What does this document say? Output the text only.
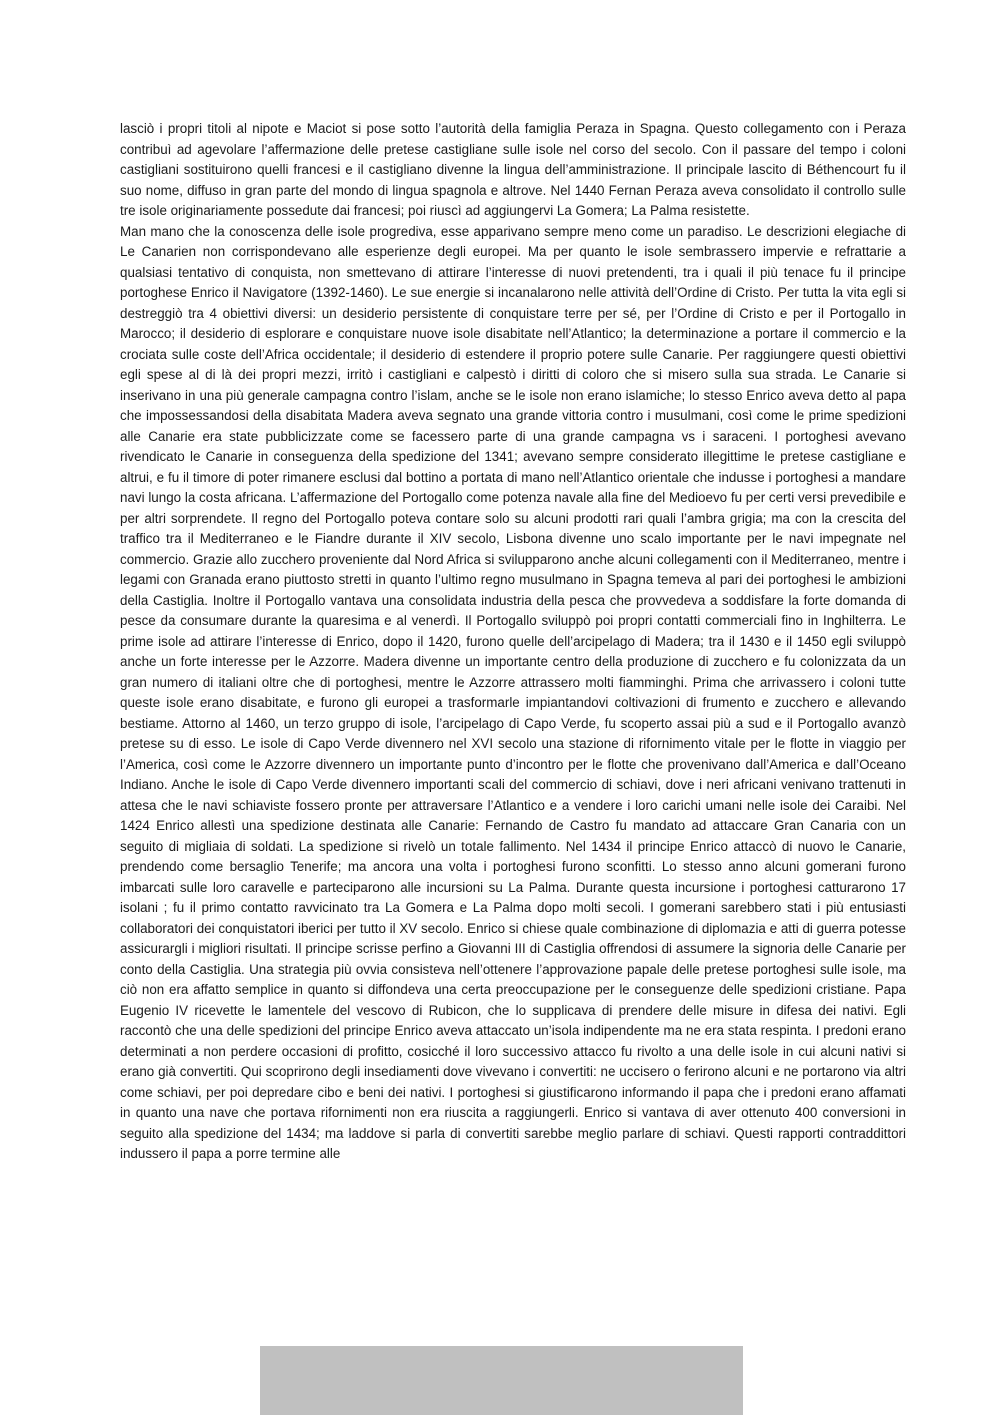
lasciò i propri titoli al nipote e Maciot si pose sotto l’autorità della famiglia Peraza in Spagna. Questo collegamento con i Peraza contribuì ad agevolare l’affermazione delle pretese castigliane sulle isole nel corso del secolo. Con il passare del tempo i coloni castigliani sostituirono quelli francesi e il castigliano divenne la lingua dell’amministrazione. Il principale lascito di Béthencourt fu il suo nome, diffuso in gran parte del mondo di lingua spagnola e altrove. Nel 1440 Fernan Peraza aveva consolidato il controllo sulle tre isole originariamente possedute dai francesi; poi riuscì ad aggiungervi La Gomera; La Palma resistette.

Man mano che la conoscenza delle isole progrediva, esse apparivano sempre meno come un paradiso. Le descrizioni elegiache di Le Canarien non corrispondevano alle esperienze degli europei. Ma per quanto le isole sembrassero impervie e refrattarie a qualsiasi tentativo di conquista, non smettevano di attirare l’interesse di nuovi pretendenti, tra i quali il più tenace fu il principe portoghese Enrico il Navigatore (1392-1460). Le sue energie si incanalarono nelle attività dell’Ordine di Cristo. Per tutta la vita egli si destreggiò tra 4 obiettivi diversi: un desiderio persistente di conquistare terre per sé, per l’Ordine di Cristo e per il Portogallo in Marocco; il desiderio di esplorare e conquistare nuove isole disabitate nell’Atlantico; la determinazione a portare il commercio e la crociata sulle coste dell’Africa occidentale; il desiderio di estendere il proprio potere sulle Canarie. Per raggiungere questi obiettivi egli spese al di là dei propri mezzi, irritò i castigliani e calpestò i diritti di coloro che si misero sulla sua strada. Le Canarie si inserivano in una più generale campagna contro l’islam, anche se le isole non erano islamiche; lo stesso Enrico aveva detto al papa che impossessandosi della disabitata Madera aveva segnato una grande vittoria contro i musulmani, così come le prime spedizioni alle Canarie era state pubblicizzate come se facessero parte di una grande campagna vs i saraceni. I portoghesi avevano rivendicato le Canarie in conseguenza della spedizione del 1341; avevano sempre considerato illegittime le pretese castigliane e altrui, e fu il timore di poter rimanere esclusi dal bottino a portata di mano nell’Atlantico orientale che indusse i portoghesi a mandare navi lungo la costa africana. L’affermazione del Portogallo come potenza navale alla fine del Medioevo fu per certi versi prevedibile e per altri sorprendete. Il regno del Portogallo poteva contare solo su alcuni prodotti rari quali l’ambra grigia; ma con la crescita del traffico tra il Mediterraneo e le Fiandre durante il XIV secolo, Lisbona divenne uno scalo importante per le navi impegnate nel commercio. Grazie allo zucchero proveniente dal Nord Africa si svilupparono anche alcuni collegamenti con il Mediterraneo, mentre i legami con Granada erano piuttosto stretti in quanto l’ultimo regno musulmano in Spagna temeva al pari dei portoghesi le ambizioni della Castiglia. Inoltre il Portogallo vantava una consolidata industria della pesca che provvedeva a soddisfare la forte domanda di pesce da consumare durante la quaresima e al venerdì. Il Portogallo sviluppò poi propri contatti commerciali fino in Inghilterra. Le prime isole ad attirare l’interesse di Enrico, dopo il 1420, furono quelle dell’arcipelago di Madera; tra il 1430 e il 1450 egli sviluppò anche un forte interesse per le Azzorre. Madera divenne un importante centro della produzione di zucchero e fu colonizzata da un gran numero di italiani oltre che di portoghesi, mentre le Azzorre attrassero molti fiamminghi. Prima che arrivassero i coloni tutte queste isole erano disabitate, e furono gli europei a trasformarle impiantandovi coltivazioni di frumento e zucchero e allevando bestiame. Attorno al 1460, un terzo gruppo di isole, l’arcipelago di Capo Verde, fu scoperto assai più a sud e il Portogallo avanzò pretese su di esso. Le isole di Capo Verde divennero nel XVI secolo una stazione di rifornimento vitale per le flotte in viaggio per l’America, così come le Azzorre divennero un importante punto d’incontro per le flotte che provenivano dall’America e dall’Oceano Indiano. Anche le isole di Capo Verde divennero importanti scali del commercio di schiavi, dove i neri africani venivano trattenuti in attesa che le navi schiaviste fossero pronte per attraversare l’Atlantico e a vendere i loro carichi umani nelle isole dei Caraibi. Nel 1424 Enrico allestì una spedizione destinata alle Canarie: Fernando de Castro fu mandato ad attaccare Gran Canaria con un seguito di migliaia di soldati. La spedizione si rivelò un totale fallimento. Nel 1434 il principe Enrico attaccò di nuovo le Canarie, prendendo come bersaglio Tenerife; ma ancora una volta i portoghesi furono sconfitti. Lo stesso anno alcuni gomerani furono imbarcati sulle loro caravelle e parteciparono alle incursioni su La Palma. Durante questa incursione i portoghesi catturarono 17 isolani ; fu il primo contatto ravvicinato tra La Gomera e La Palma dopo molti secoli. I gomerani sarebbero stati i più entusiasti collaboratori dei conquistatori iberici per tutto il XV secolo. Enrico si chiese quale combinazione di diplomazia e atti di guerra potesse assicurargli i migliori risultati. Il principe scrisse perfino a Giovanni III di Castiglia offrendosi di assumere la signoria delle Canarie per conto della Castiglia. Una strategia più ovvia consisteva nell’ottenere l’approvazione papale delle pretese portoghesi sulle isole, ma ciò non era affatto semplice in quanto si diffondeva una certa preoccupazione per le conseguenze delle spedizioni cristiane. Papa Eugenio IV ricevette le lamentele del vescovo di Rubicon, che lo supplicava di prendere delle misure in difesa dei nativi. Egli raccontò che una delle spedizioni del principe Enrico aveva attaccato un’isola indipendente ma ne era stata respinta. I predoni erano determinati a non perdere occasioni di profitto, cosicché il loro successivo attacco fu rivolto a una delle isole in cui alcuni nativi si erano già convertiti. Qui scoprirono degli insediamenti dove vivevano i convertiti: ne uccisero o ferirono alcuni e ne portarono via altri come schiavi, per poi depredare cibo e beni dei nativi. I portoghesi si giustificarono informando il papa che i predoni erano affamati in quanto una nave che portava rifornimenti non era riuscita a raggiungerli. Enrico si vantava di aver ottenuto 400 conversioni in seguito alla spedizione del 1434; ma laddove si parla di convertiti sarebbe meglio parlare di schiavi. Questi rapporti contraddittori indussero il papa a porre termine alle
